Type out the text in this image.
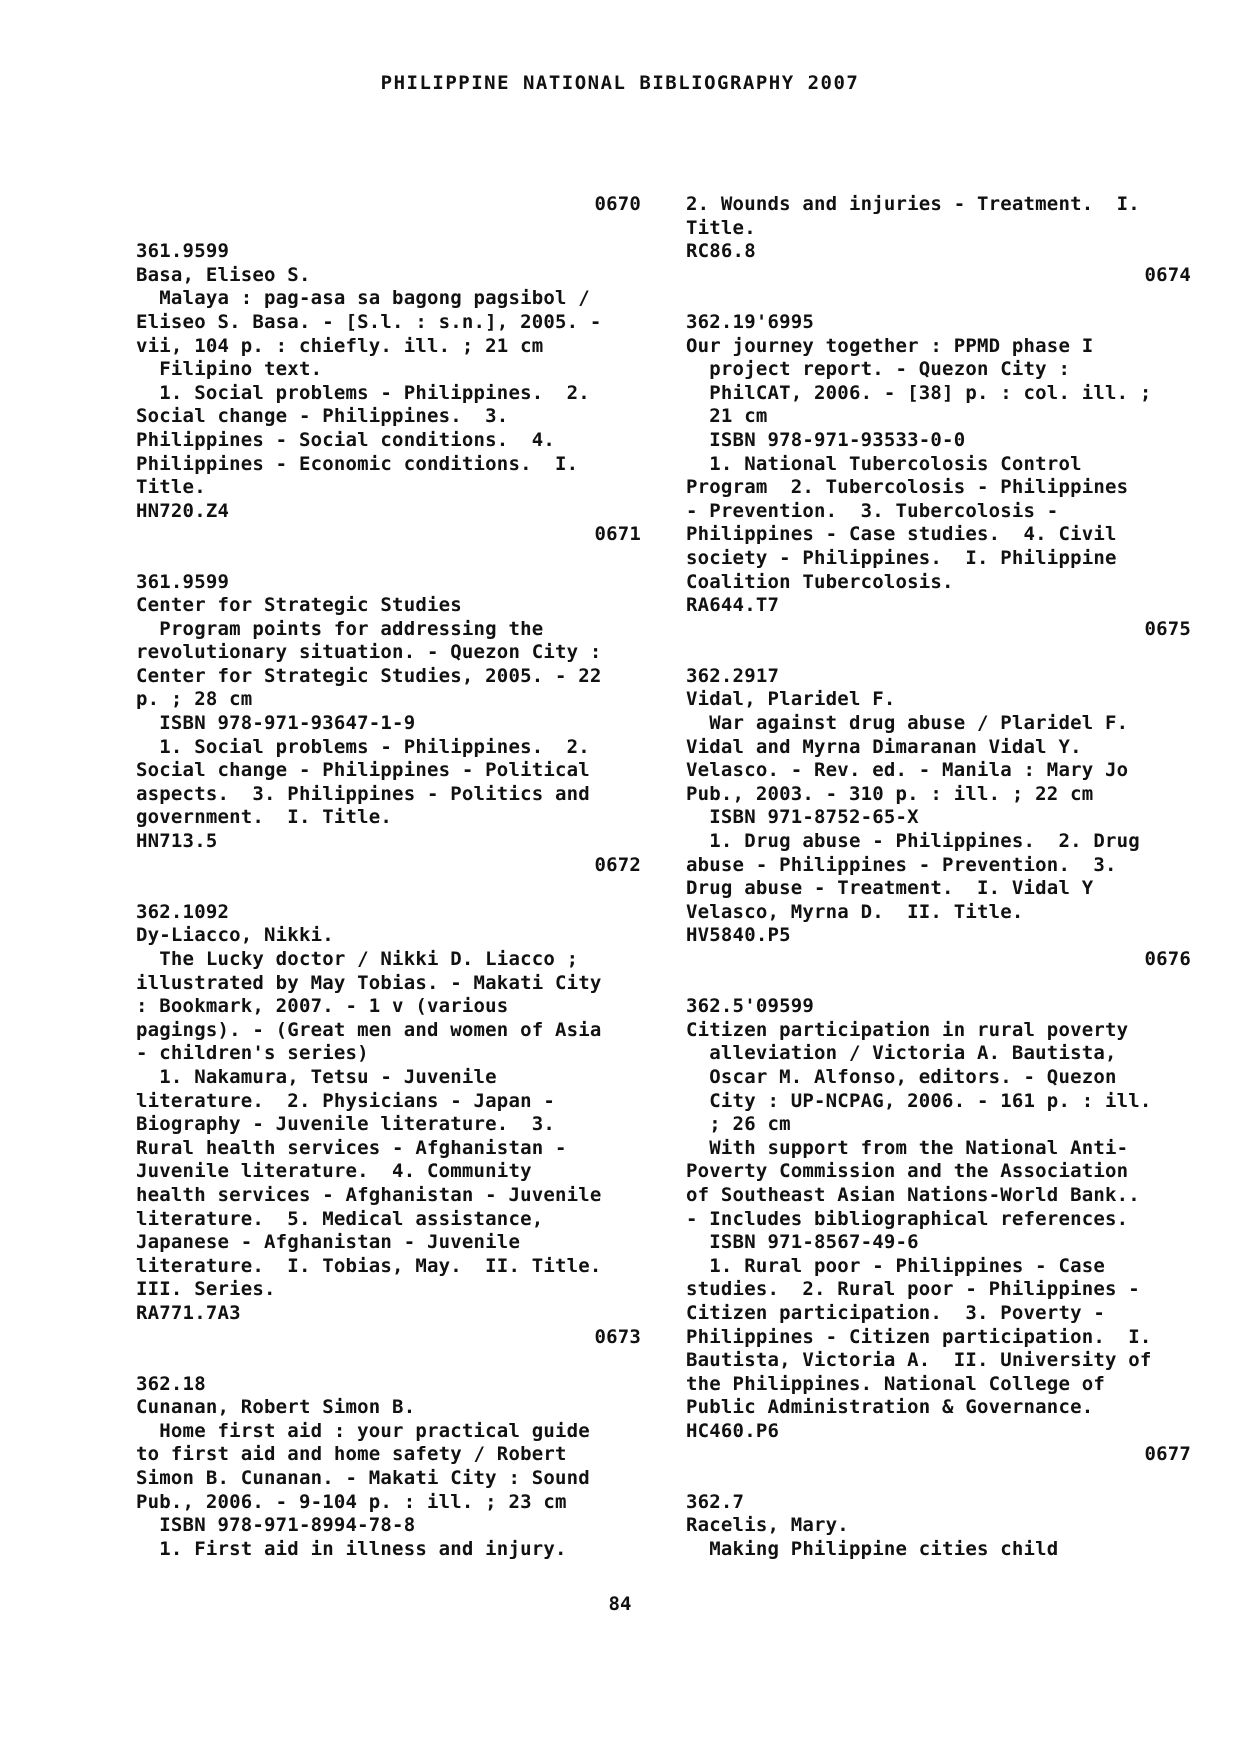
PHILIPPINE NATIONAL BIBLIOGRAPHY 2007
0670
361.9599
Basa, Eliseo S.
Malaya : pag-asa sa bagong pagsibol /
Eliseo S. Basa. - [S.l. : s.n.], 2005. -
vii, 104 p. : chiefly. ill. ; 21 cm
Filipino text.
1. Social problems - Philippines.  2.
Social change - Philippines.  3.
Philippines - Social conditions.  4.
Philippines - Economic conditions.  I.
Title.
HN720.Z4
0671
361.9599
Center for Strategic Studies
Program points for addressing the
revolutionary situation. - Quezon City :
Center for Strategic Studies, 2005. - 22
p. ; 28 cm
ISBN 978-971-93647-1-9
1. Social problems - Philippines.  2.
Social change - Philippines - Political
aspects.  3. Philippines - Politics and
government.  I. Title.
HN713.5
0672
362.1092
Dy-Liacco, Nikki.
The Lucky doctor / Nikki D. Liacco ;
illustrated by May Tobias. - Makati City
: Bookmark, 2007. - 1 v (various
pagings). - (Great men and women of Asia
- children's series)
1. Nakamura, Tetsu - Juvenile
literature.  2. Physicians - Japan -
Biography - Juvenile literature.  3.
Rural health services - Afghanistan -
Juvenile literature.  4. Community
health services - Afghanistan - Juvenile
literature.  5. Medical assistance,
Japanese - Afghanistan - Juvenile
literature.  I. Tobias, May.  II. Title.
III. Series.
RA771.7A3
0673
362.18
Cunanan, Robert Simon B.
Home first aid : your practical guide
to first aid and home safety / Robert
Simon B. Cunanan. - Makati City : Sound
Pub., 2006. - 9-104 p. : ill. ; 23 cm
ISBN 978-971-8994-78-8
1. First aid in illness and injury.
2. Wounds and injuries - Treatment.  I.
Title.
RC86.8
0674
362.19'6995
Our journey together : PPMD phase I
project report. - Quezon City :
PhilCAT, 2006. - [38] p. : col. ill. ;
21 cm
ISBN 978-971-93533-0-0
1. National Tubercolosis Control
Program  2. Tubercolosis - Philippines
- Prevention.  3. Tubercolosis -
Philippines - Case studies.  4. Civil
society - Philippines.  I. Philippine
Coalition Tubercolosis.
RA644.T7
0675
362.2917
Vidal, Plaridel F.
War against drug abuse / Plaridel F.
Vidal and Myrna Dimaranan Vidal Y.
Velasco. - Rev. ed. - Manila : Mary Jo
Pub., 2003. - 310 p. : ill. ; 22 cm
ISBN 971-8752-65-X
1. Drug abuse - Philippines.  2. Drug
abuse - Philippines - Prevention.  3.
Drug abuse - Treatment.  I. Vidal Y
Velasco, Myrna D.  II. Title.
HV5840.P5
0676
362.5'09599
Citizen participation in rural poverty
alleviation / Victoria A. Bautista,
Oscar M. Alfonso, editors. - Quezon
City : UP-NCPAG, 2006. - 161 p. : ill.
; 26 cm
With support from the National Anti-
Poverty Commission and the Association
of Southeast Asian Nations-World Bank..
- Includes bibliographical references.
ISBN 971-8567-49-6
1. Rural poor - Philippines - Case
studies.  2. Rural poor - Philippines -
Citizen participation.  3. Poverty -
Philippines - Citizen participation.  I.
Bautista, Victoria A.  II. University of
the Philippines. National College of
Public Administration & Governance.
HC460.P6
0677
362.7
Racelis, Mary.
Making Philippine cities child
84
